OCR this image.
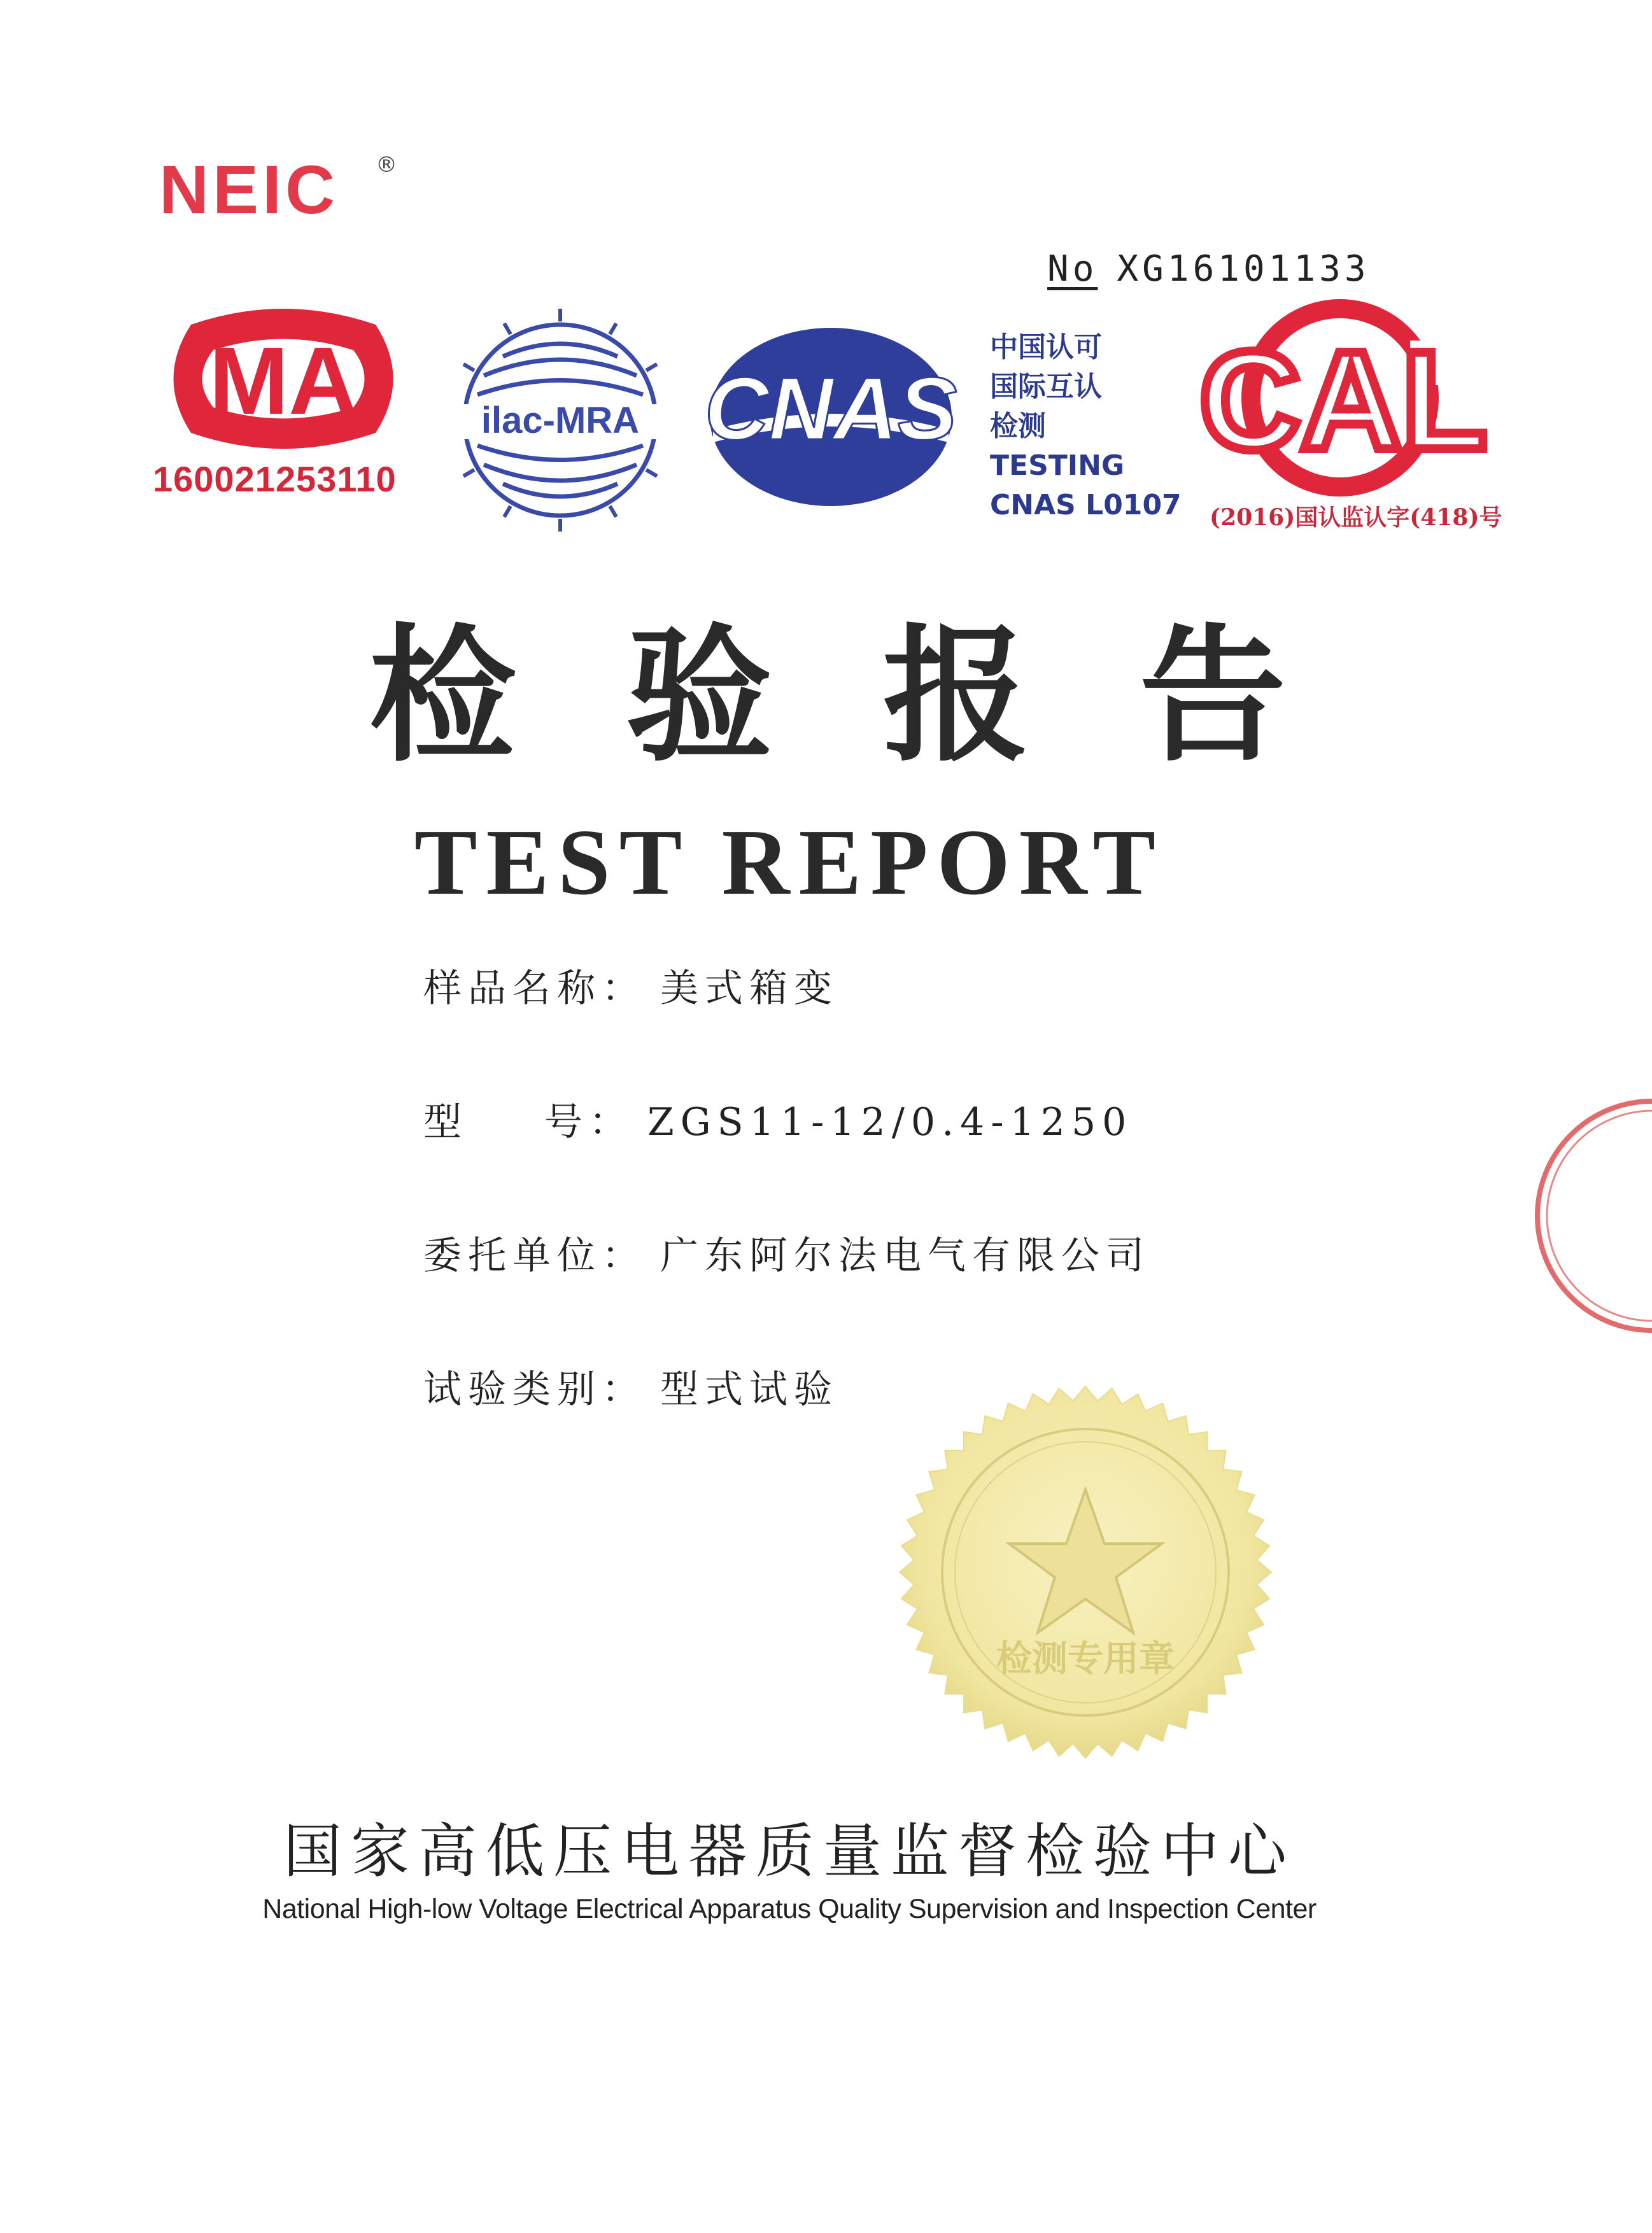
NEIC ®
No XG16101133
MA
160021253110
ilac-MRA CNAS
中国认可
国际互认
检测
TESTING
CNAS L0107
CAL
(2016)国认监认字(418)号
检 验 报 告
TEST REPORT
样品名称： 美式箱变
型 号： ZGS11-12/0.4-1250
委托单位： 广东阿尔法电气有限公司
试验类别： 型式试验
检测专用章
国家高低压电器质量监督检验中心
National High-low Voltage Electrical Apparatus Quality Supervision and Inspection Center
